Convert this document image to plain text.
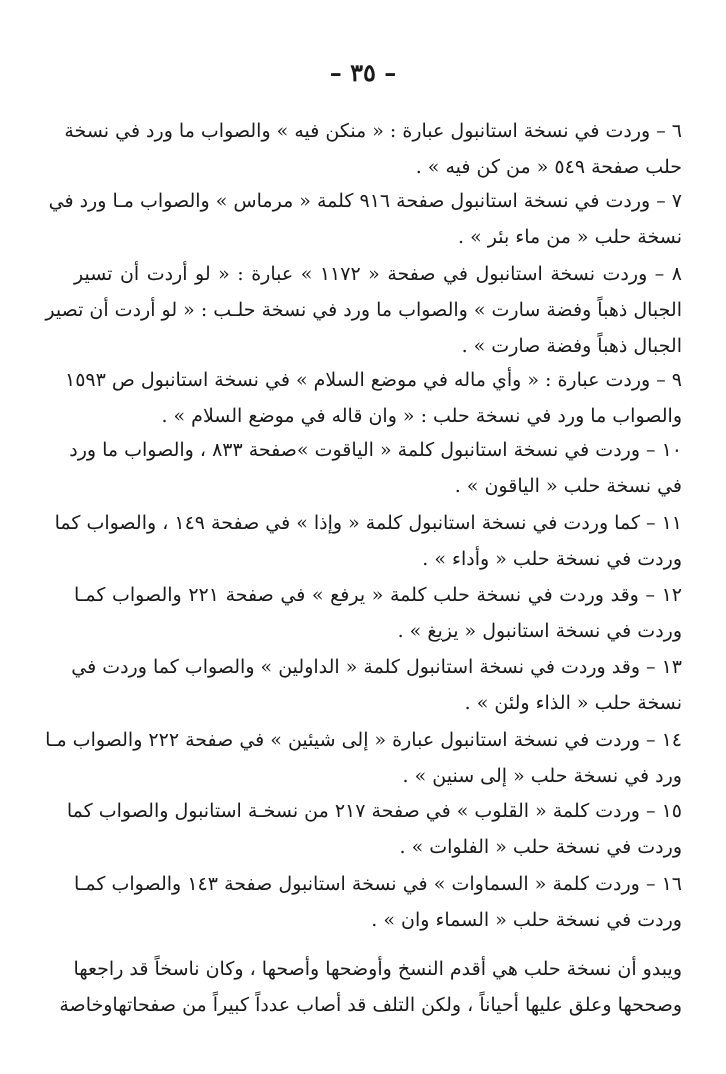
– ٣٥ –
٦ – وردت في نسخة استانبول عبارة : « منكن فيه » والصواب ما ورد في نسخة
حلب صفحة ٥٤٩ « من كن فيه » .
٧ – وردت في نسخة استانبول صفحة ٩١٦ كلمة « مرماس » والصواب مـا ورد في
نسخة حلب « من ماء بئر » .
٨ – وردت نسخة استانبول في صفحة « ١١٧٢ » عبارة : « لو أردت أن تسير
الجبال ذهباً وفضة سارت » والصواب ما ورد في نسخة حلـب : « لو أردت أن تصير
الجبال ذهباً وفضة صارت » .
٩ – وردت عبارة : « وأي ماله في موضع السلام » في نسخة استانبول ص ١٥٩٣
والصواب ما ورد في نسخة حلب : « وان قاله في موضع السلام » .
١٠ – وردت في نسخة استانبول كلمة « الياقوت »صفحة ٨٣٣ ، والصواب ما ورد
في نسخة حلب « الياقون » .
١١ – كما وردت في نسخة استانبول كلمة « وإذا » في صفحة ١٤٩ ، والصواب كما
وردت في نسخة حلب « وأداء » .
١٢ – وقد وردت في نسخة حلب كلمة « يرفع » في صفحة ٢٢١ والصواب كمـا
وردت في نسخة استانبول « يزيغ » .
١٣ – وقد وردت في نسخة استانبول كلمة « الداولين » والصواب كما وردت في
نسخة حلب « الذاء ولئن » .
١٤ – وردت في نسخة استانبول عبارة « إلى شيئين » في صفحة ٢٢٢ والصواب مـا
ورد في نسخة حلب « إلى سنين » .
١٥ – وردت كلمة « القلوب » في صفحة ٢١٧ من نسخـة استانبول والصواب كما
وردت في نسخة حلب « الفلوات » .
١٦ – وردت كلمة « السماوات » في نسخة استانبول صفحة ١٤٣ والصواب كمـا
وردت في نسخة حلب « السماء وان » .
ويبدو أن نسخة حلب هي أقدم النسخ وأوضحها وأصحها ، وكان ناسخاً قد راجعها
وصححها وعلق عليها أحياناً ، ولكن التلف قد أصاب عدداً كبيراً من صفحاتهاوخاصة
